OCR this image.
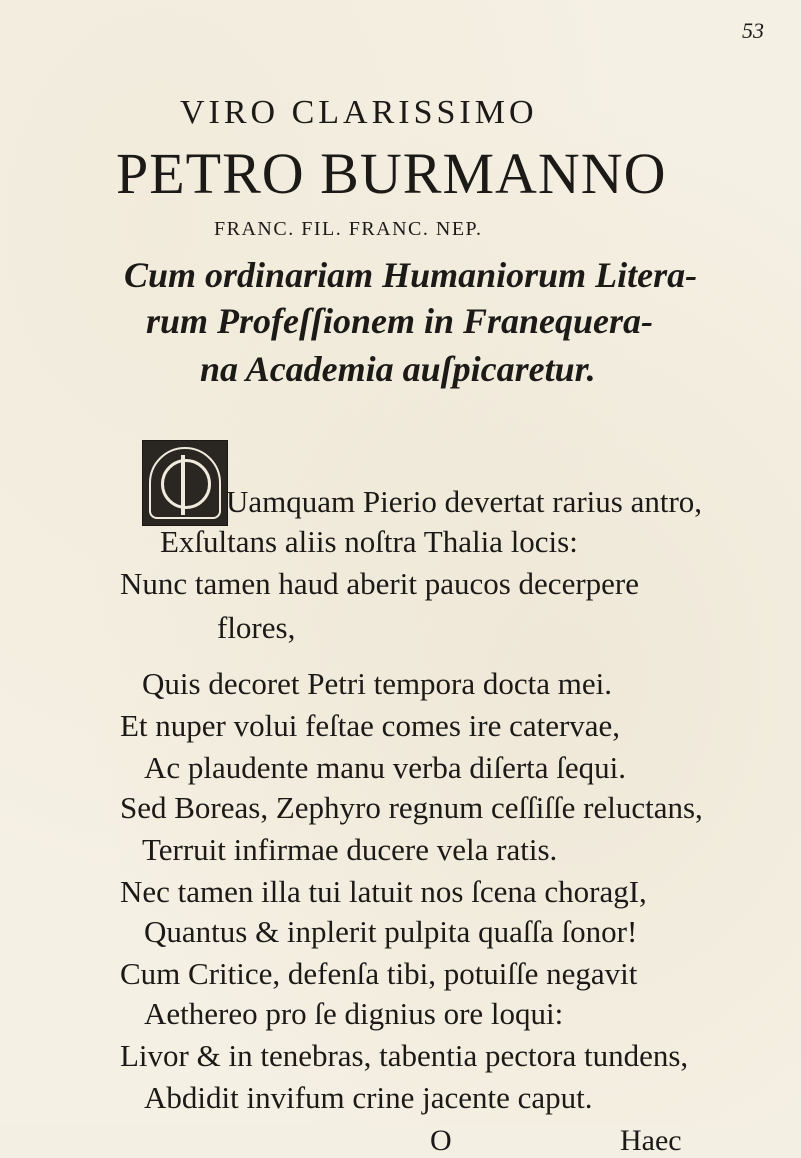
53
VIRO CLARISSIMO
PETRO BURMANNO
FRANC. FIL. FRANC. NEP.
Cum ordinariam Humaniorum Litera-
rum Profeſſionem in Franequera-
na Academia auſpicaretur.
Uamquam Pierio devertat rarius antro,
Exſultans aliis noſtra Thalia locis:
Nunc tamen haud aberit paucos decerpere
flores,
Quis decoret Petri tempora docta mei.
Et nuper volui feſtae comes ire catervae,
Ac plaudente manu verba diſerta ſequi.
Sed Boreas, Zephyro regnum ceſſiſſe reluctans,
Terruit infirmae ducere vela ratis.
Nec tamen illa tui latuit nos ſcena choragI,
Quantus & inplerit pulpita quaſſa ſonor!
Cum Critice, defenſa tibi, potuiſſe negavit
Aethereo pro ſe dignius ore loqui:
Livor & in tenebras, tabentia pectora tundens,
Abdidit invifum crine jacente caput.
O	Haec
